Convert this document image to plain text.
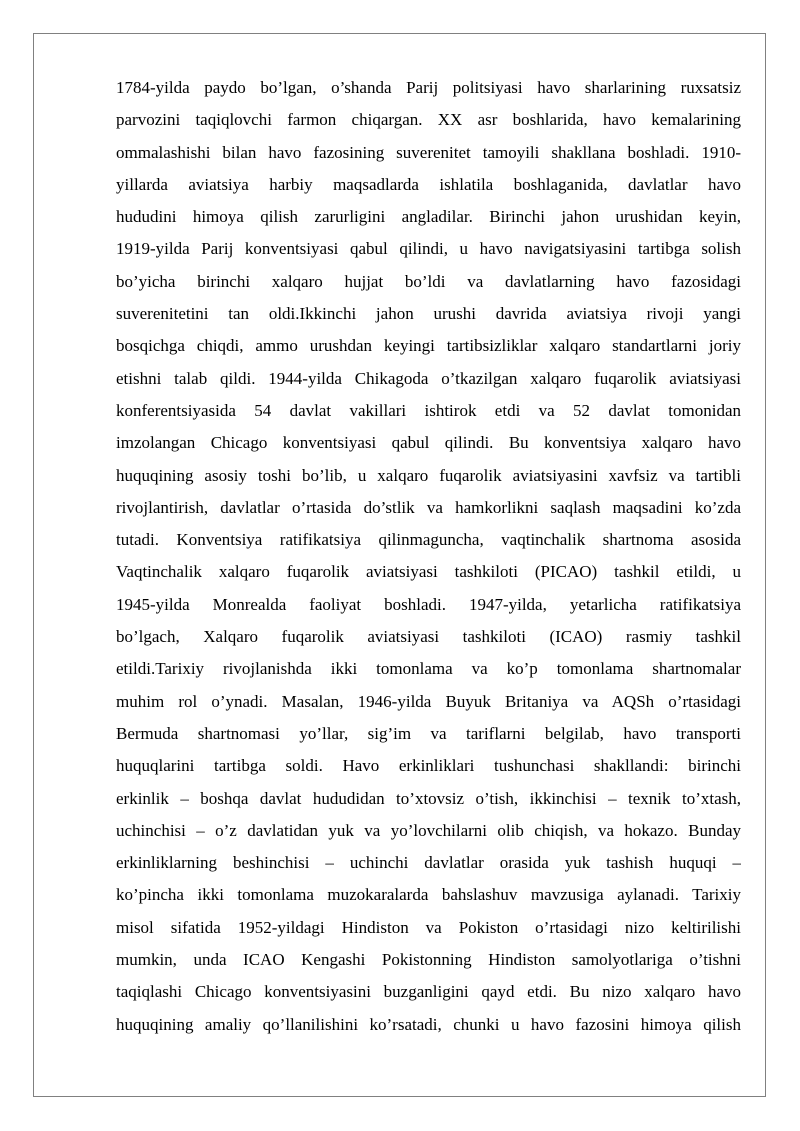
1784-yilda paydo bo’lgan, o’shanda Parij politsiyasi havo sharlarining ruxsatsiz
parvozini taqiqlovchi farmon chiqargan. XX asr boshlarida, havo kemalarining
ommalashishi bilan havo fazosining suverenitet tamoyili shakllana boshladi. 1910-
yillarda aviatsiya harbiy maqsadlarda ishlatila boshlaganida, davlatlar havo
hududini himoya qilish zarurligini angladilar. Birinchi jahon urushidan keyin,
1919-yilda Parij konventsiyasi qabul qilindi, u havo navigatsiyasini tartibga solish
bo’yicha birinchi xalqaro hujjat bo’ldi va davlatlarning havo fazosidagi
suverenitetini tan oldi.Ikkinchi jahon urushi davrida aviatsiya rivoji yangi
bosqichga chiqdi, ammo urushdan keyingi tartibsizliklar xalqaro standartlarni joriy
etishni talab qildi. 1944-yilda Chikagoda o’tkazilgan xalqaro fuqarolik aviatsiyasi
konferentsiyasida 54 davlat vakillari ishtirok etdi va 52 davlat tomonidan
imzolangan Chicago konventsiyasi qabul qilindi. Bu konventsiya xalqaro havo
huquqining asosiy toshi bo’lib, u xalqaro fuqarolik aviatsiyasini xavfsiz va tartibli
rivojlantirish, davlatlar o’rtasida do’stlik va hamkorlikni saqlash maqsadini ko’zda
tutadi. Konventsiya ratifikatsiya qilinmaguncha, vaqtinchalik shartnoma asosida
Vaqtinchalik xalqaro fuqarolik aviatsiyasi tashkiloti (PICAO) tashkil etildi, u
1945-yilda Monrealda faoliyat boshladi. 1947-yilda, yetarlicha ratifikatsiya
bo’lgach, Xalqaro fuqarolik aviatsiyasi tashkiloti (ICAO) rasmiy tashkil
etildi.Tarixiy rivojlanishda ikki tomonlama va ko’p tomonlama shartnomalar
muhim rol o’ynadi. Masalan, 1946-yilda Buyuk Britaniya va AQSh o’rtasidagi
Bermuda shartnomasi yo’llar, sig’im va tariflarni belgilab, havo transporti
huquqlarini tartibga soldi. Havo erkinliklari tushunchasi shakllandi: birinchi
erkinlik – boshqa davlat hududidan to’xtovsiz o’tish, ikkinchisi – texnik to’xtash,
uchinchisi – o’z davlatidan yuk va yo’lovchilarni olib chiqish, va hokazo. Bunday
erkinliklarning beshinchisi – uchinchi davlatlar orasida yuk tashish huquqi –
ko’pincha ikki tomonlama muzokaralarda bahslashuv mavzusiga aylanadi. Tarixiy
misol sifatida 1952-yildagi Hindiston va Pokiston o’rtasidagi nizo keltirilishi
mumkin, unda ICAO Kengashi Pokistonning Hindiston samolyotlariga o’tishni
taqiqlashi Chicago konventsiyasini buzganligini qayd etdi. Bu nizo xalqaro havo
huquqining amaliy qo’llanilishini ko’rsatadi, chunki u havo fazosini himoya qilish
